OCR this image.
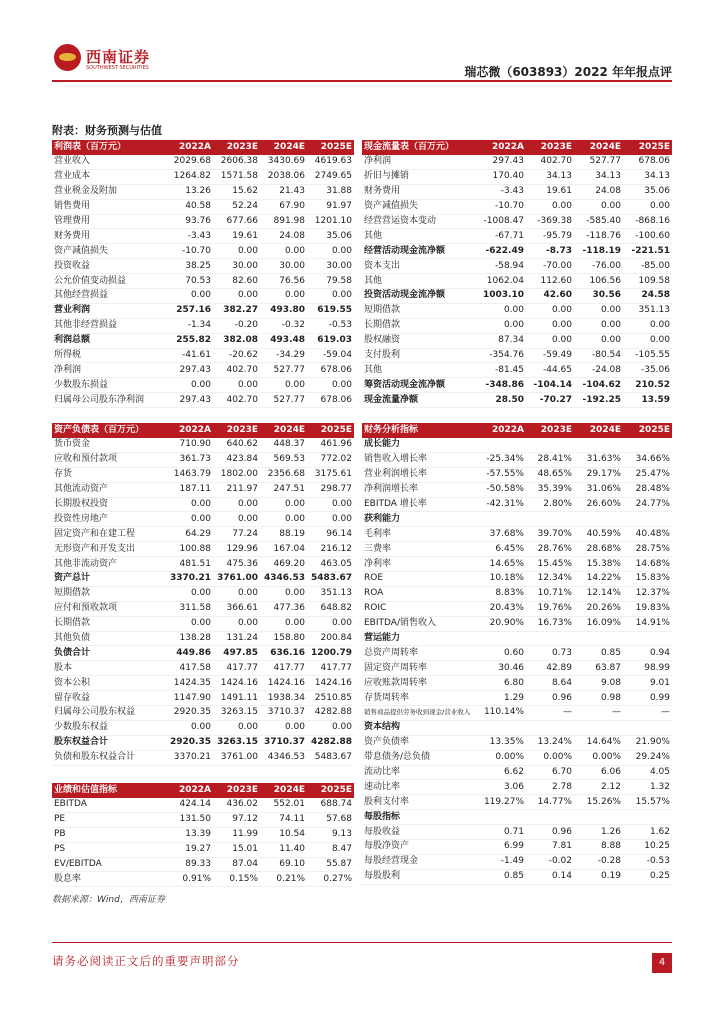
西南证券
SOUTHWEST SECURITIES	瑞芯微（603893）2022 年年报点评
附表：财务预测与估值
利润表（百万元）	2022A	2023E	2024E	2025E
营业收入	2029.68	2606.38	3430.69	4619.63
营业成本	1264.82	1571.58	2038.06	2749.65
营业税金及附加	13.26	15.62	21.43	31.88
销售费用	40.58	52.24	67.90	91.97
管理费用	93.76	677.66	891.98	1201.10
财务费用	-3.43	19.61	24.08	35.06
资产减值损失	-10.70	0.00	0.00	0.00
投资收益	38.25	30.00	30.00	30.00
公允价值变动损益	70.53	82.60	76.56	79.58
其他经营损益	0.00	0.00	0.00	0.00
营业利润	257.16	382.27	493.80	619.55
其他非经营损益	-1.34	-0.20	-0.32	-0.53
利润总额	255.82	382.08	493.48	619.03
所得税	-41.61	-20.62	-34.29	-59.04
净利润	297.43	402.70	527.77	678.06
少数股东损益	0.00	0.00	0.00	0.00
归属母公司股东净利润	297.43	402.70	527.77	678.06
现金流量表（百万元）	2022A	2023E	2024E	2025E
净利润	297.43	402.70	527.77	678.06
折旧与摊销	170.40	34.13	34.13	34.13
财务费用	-3.43	19.61	24.08	35.06
资产减值损失	-10.70	0.00	0.00	0.00
经营营运资本变动	-1008.47	-369.38	-585.40	-868.16
其他	-67.71	-95.79	-118.76	-100.60
经营活动现金流净额	-622.49	-8.73	-118.19	-221.51
资本支出	-58.94	-70.00	-76.00	-85.00
其他	1062.04	112.60	106.56	109.58
投资活动现金流净额	1003.10	42.60	30.56	24.58
短期借款	0.00	0.00	0.00	351.13
长期借款	0.00	0.00	0.00	0.00
股权融资	87.34	0.00	0.00	0.00
支付股利	-354.76	-59.49	-80.54	-105.55
其他	-81.45	-44.65	-24.08	-35.06
筹资活动现金流净额	-348.86	-104.14	-104.62	210.52
现金流量净额	28.50	-70.27	-192.25	13.59
资产负债表（百万元）	2022A	2023E	2024E	2025E
货币资金	710.90	640.62	448.37	461.96
应收和预付款项	361.73	423.84	569.53	772.02
存货	1463.79	1802.00	2356.68	3175.61
其他流动资产	187.11	211.97	247.51	298.77
长期股权投资	0.00	0.00	0.00	0.00
投资性房地产	0.00	0.00	0.00	0.00
固定资产和在建工程	64.29	77.24	88.19	96.14
无形资产和开发支出	100.88	129.96	167.04	216.12
其他非流动资产	481.51	475.36	469.20	463.05
资产总计	3370.21	3761.00	4346.53	5483.67
短期借款	0.00	0.00	0.00	351.13
应付和预收款项	311.58	366.61	477.36	648.82
长期借款	0.00	0.00	0.00	0.00
其他负债	138.28	131.24	158.80	200.84
负债合计	449.86	497.85	636.16	1200.79
股本	417.58	417.77	417.77	417.77
资本公积	1424.35	1424.16	1424.16	1424.16
留存收益	1147.90	1491.11	1938.34	2510.85
归属母公司股东权益	2920.35	3263.15	3710.37	4282.88
少数股东权益	0.00	0.00	0.00	0.00
股东权益合计	2920.35	3263.15	3710.37	4282.88
负债和股东权益合计	3370.21	3761.00	4346.53	5483.67
财务分析指标	2022A	2023E	2024E	2025E
成长能力				
销售收入增长率	-25.34%	28.41%	31.63%	34.66%
营业利润增长率	-57.55%	48.65%	29.17%	25.47%
净利润增长率	-50.58%	35.39%	31.06%	28.48%
EBITDA 增长率	-42.31%	2.80%	26.60%	24.77%
获利能力				
毛利率	37.68%	39.70%	40.59%	40.48%
三费率	6.45%	28.76%	28.68%	28.75%
净利率	14.65%	15.45%	15.38%	14.68%
ROE	10.18%	12.34%	14.22%	15.83%
ROA	8.83%	10.71%	12.14%	12.37%
ROIC	20.43%	19.76%	20.26%	19.83%
EBITDA/销售收入	20.90%	16.73%	16.09%	14.91%
营运能力				
总资产周转率	0.60	0.73	0.85	0.94
固定资产周转率	30.46	42.89	63.87	98.99
应收账款周转率	6.80	8.64	9.08	9.01
存货周转率	1.29	0.96	0.98	0.99
销售商品提供劳务收到现金/营业收入	110.14%	—	—	—
资本结构				
资产负债率	13.35%	13.24%	14.64%	21.90%
带息债务/总负债	0.00%	0.00%	0.00%	29.24%
流动比率	6.62	6.70	6.06	4.05
速动比率	3.06	2.78	2.12	1.32
股利支付率	119.27%	14.77%	15.26%	15.57%
每股指标				
每股收益	0.71	0.96	1.26	1.62
每股净资产	6.99	7.81	8.88	10.25
每股经营现金	-1.49	-0.02	-0.28	-0.53
每股股利	0.85	0.14	0.19	0.25
业绩和估值指标	2022A	2023E	2024E	2025E
EBITDA	424.14	436.02	552.01	688.74
PE	131.50	97.12	74.11	57.68
PB	13.39	11.99	10.54	9.13
PS	19.27	15.01	11.40	8.47
EV/EBITDA	89.33	87.04	69.10	55.87
股息率	0.91%	0.15%	0.21%	0.27%
数据来源：Wind，西南证券
请务必阅读正文后的重要声明部分	4
